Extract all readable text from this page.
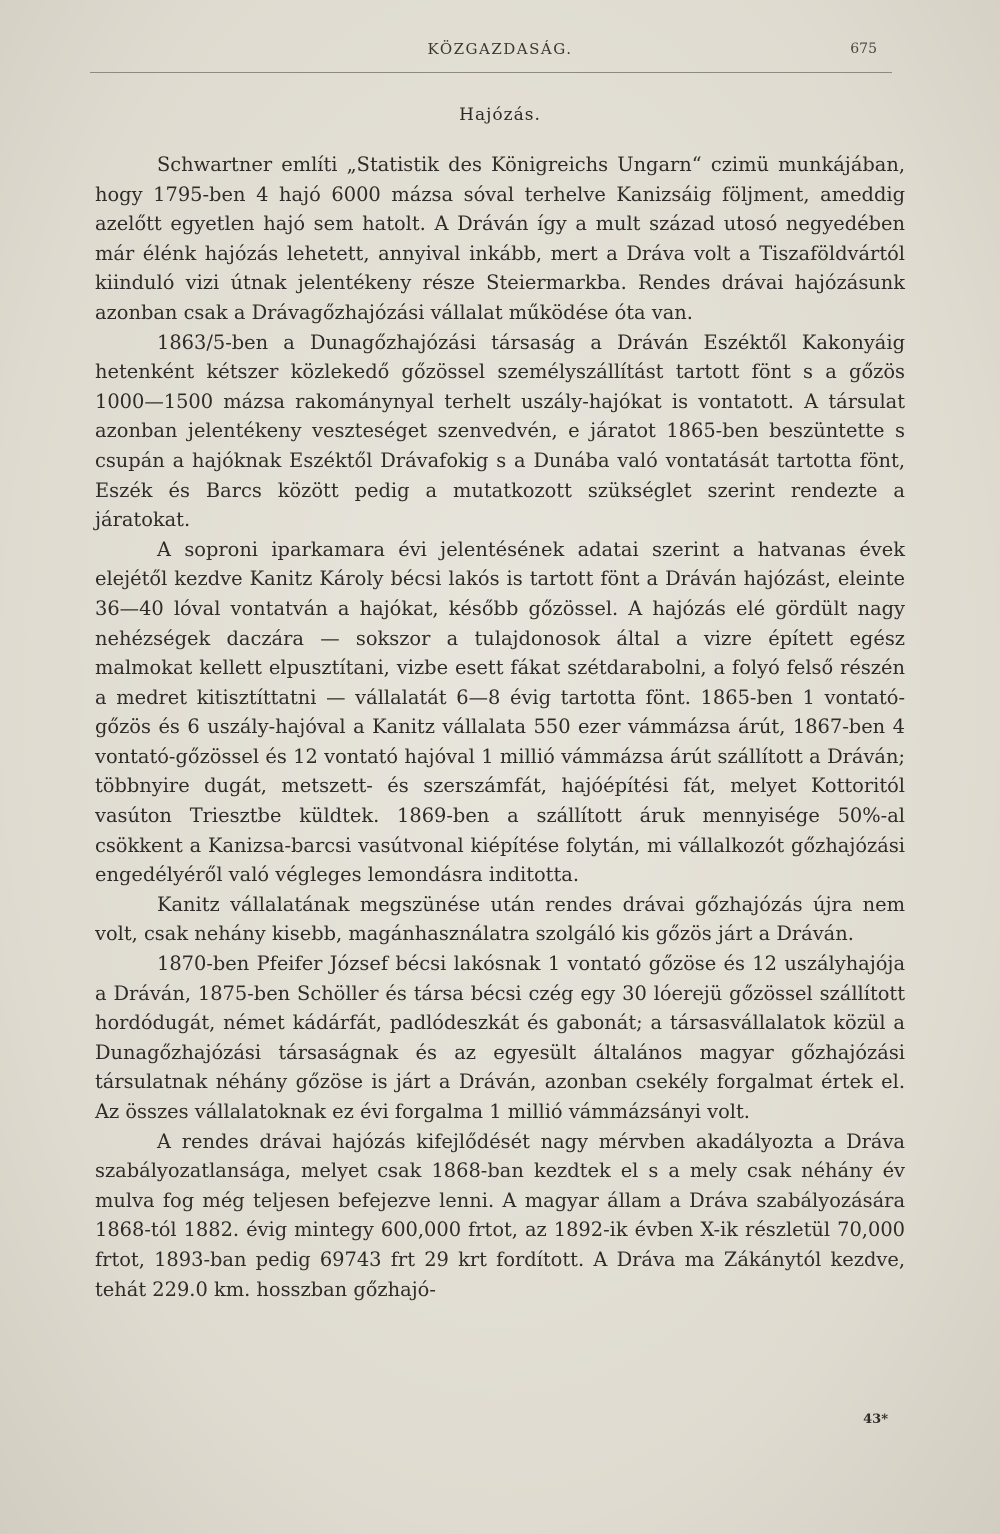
KÖZGAZDASÁG.	675
Hajózás.

Schwartner említi „Statistik des Königreichs Ungarn“ czimü munkájában, hogy 1795-ben 4 hajó 6000 mázsa sóval terhelve Kanizsáig följment, ameddig azelőtt egyetlen hajó sem hatolt. A Dráván így a mult század utosó negyedében már élénk hajózás lehetett, annyival inkább, mert a Dráva volt a Tiszaföldvártól kiinduló vizi útnak jelentékeny része Steiermarkba. Rendes drávai hajózásunk azonban csak a Drávagőzhajózási vállalat működése óta van.

1863/5-ben a Dunagőzhajózási társaság a Dráván Eszéktől Kakonyáig hetenként kétszer közlekedő gőzössel személyszállítást tartott fönt s a gőzös 1000—1500 mázsa rakománynyal terhelt uszály-hajókat is vontatott. A társulat azonban jelentékeny veszteséget szenvedvén, e járatot 1865-ben beszüntette s csupán a hajóknak Eszéktől Drávafokig s a Dunába való vontatását tartotta fönt, Eszék és Barcs között pedig a mutatkozott szükséglet szerint rendezte a járatokat.

A soproni iparkamara évi jelentésének adatai szerint a hatvanas évek elejétől kezdve Kanitz Károly bécsi lakós is tartott fönt a Dráván hajózást, eleinte 36—40 lóval vontatván a hajókat, később gőzössel. A hajózás elé gördült nagy nehézségek daczára — sokszor a tulajdonosok által a vizre épített egész malmokat kellett elpusztítani, vizbe esett fákat szétdarabolni, a folyó felső részén a medret kitisztíttatni — vállalatát 6—8 évig tartotta fönt. 1865-ben 1 vontató-gőzös és 6 uszály-hajóval a Kanitz vállalata 550 ezer vámmázsa árút, 1867-ben 4 vontató-gőzössel és 12 vontató hajóval 1 millió vámmázsa árút szállított a Dráván; többnyire dugát, metszett- és szerszámfát, hajóépítési fát, melyet Kottoritól vasúton Triesztbe küldtek. 1869-ben a szállított áruk mennyisége 50%-al csökkent a Kanizsa-barcsi vasútvonal kiépítése folytán, mi vállalkozót gőzhajózási engedélyéről való végleges lemondásra inditotta.

Kanitz vállalatának megszünése után rendes drávai gőzhajózás újra nem volt, csak nehány kisebb, magánhasználatra szolgáló kis gőzös járt a Dráván.

1870-ben Pfeifer József bécsi lakósnak 1 vontató gőzöse és 12 uszályhajója a Dráván, 1875-ben Schöller és társa bécsi czég egy 30 lóerejü gőzössel szállított hordódugát, német kádárfát, padlódeszkát és gabonát; a társasvállalatok közül a Dunagőzhajózási társaságnak és az egyesült általános magyar gőzhajózási társulatnak néhány gőzöse is járt a Dráván, azonban csekély forgalmat értek el. Az összes vállalatoknak ez évi forgalma 1 millió vámmázsányi volt.

A rendes drávai hajózás kifejlődését nagy mérvben akadályozta a Dráva szabályozatlansága, melyet csak 1868-ban kezdtek el s a mely csak néhány év mulva fog még teljesen befejezve lenni. A magyar állam a Dráva szabályozására 1868-tól 1882. évig mintegy 600,000 frtot, az 1892-ik évben X-ik részletül 70,000 frtot, 1893-ban pedig 69743 frt 29 krt fordított. A Dráva ma Zákánytól kezdve, tehát 229.0 km. hosszban gőzhajó-

43*
